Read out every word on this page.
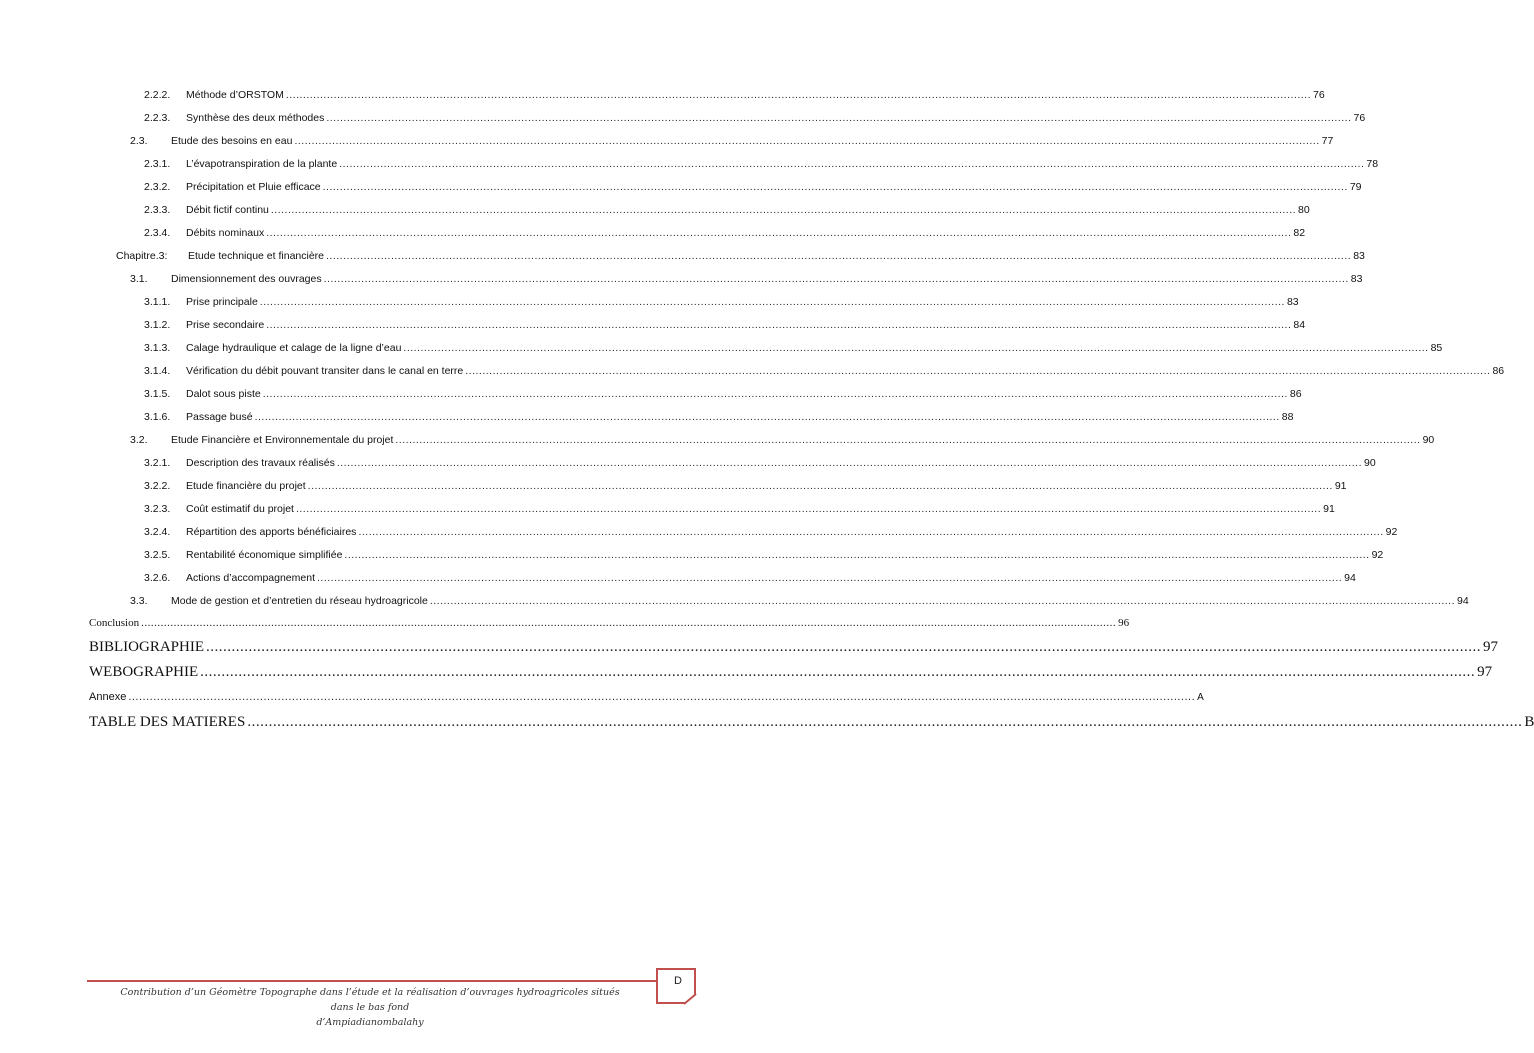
2.2.2.	Méthode d’ORSTOM ............................................................................................................................................................................................................................................................................................................ 76
2.2.3.	Synthèse des deux méthodes ............................................................................................................................................................................................................................................................................................................ 76
2.3.	Etude des besoins en eau ............................................................................................................................................................................................................................................................................................................ 77
2.3.1.	L’évapotranspiration de la plante ............................................................................................................................................................................................................................................................................................................ 78
2.3.2.	Précipitation et Pluie efficace ............................................................................................................................................................................................................................................................................................................ 79
2.3.3.	Débit fictif continu ............................................................................................................................................................................................................................................................................................................ 80
2.3.4.	Débits nominaux ............................................................................................................................................................................................................................................................................................................ 82
Chapitre.3:	Etude technique et financière ............................................................................................................................................................................................................................................................................................................ 83
3.1.	Dimensionnement des ouvrages ............................................................................................................................................................................................................................................................................................................ 83
3.1.1.	Prise principale ............................................................................................................................................................................................................................................................................................................ 83
3.1.2.	Prise secondaire ............................................................................................................................................................................................................................................................................................................ 84
3.1.3.	Calage hydraulique et calage de la ligne d’eau ............................................................................................................................................................................................................................................................................................................ 85
3.1.4.	Vérification du débit pouvant transiter dans le canal en terre ............................................................................................................................................................................................................................................................................................................ 86
3.1.5.	Dalot sous piste ............................................................................................................................................................................................................................................................................................................ 86
3.1.6.	Passage busé ............................................................................................................................................................................................................................................................................................................ 88
3.2.	Etude Financière et Environnementale du projet ............................................................................................................................................................................................................................................................................................................ 90
3.2.1.	Description des travaux réalisés ............................................................................................................................................................................................................................................................................................................ 90
3.2.2.	Etude financière du projet ............................................................................................................................................................................................................................................................................................................ 91
3.2.3.	Coût estimatif du projet ............................................................................................................................................................................................................................................................................................................ 91
3.2.4.	Répartition des apports bénéficiaires ............................................................................................................................................................................................................................................................................................................ 92
3.2.5.	Rentabilité économique simplifiée ............................................................................................................................................................................................................................................................................................................ 92
3.2.6.	Actions d’accompagnement ............................................................................................................................................................................................................................................................................................................ 94
3.3.	Mode de gestion et d’entretien du réseau hydroagricole ............................................................................................................................................................................................................................................................................................................ 94
Conclusion ............................................................................................................................................................................................................................................................................................................ 96
BIBLIOGRAPHIE ............................................................................................................................................................................................................................................................................................................ 97
WEBOGRAPHIE ............................................................................................................................................................................................................................................................................................................ 97
Annexe ............................................................................................................................................................................................................................................................................................................ A
TABLE DES MATIERES ............................................................................................................................................................................................................................................................................................................ B
Contribution d’un Géomètre Topographe dans l’étude et la réalisation d’ouvrages hydroagricoles situés dans le bas fond
d’Ampiadianombalahy
D
